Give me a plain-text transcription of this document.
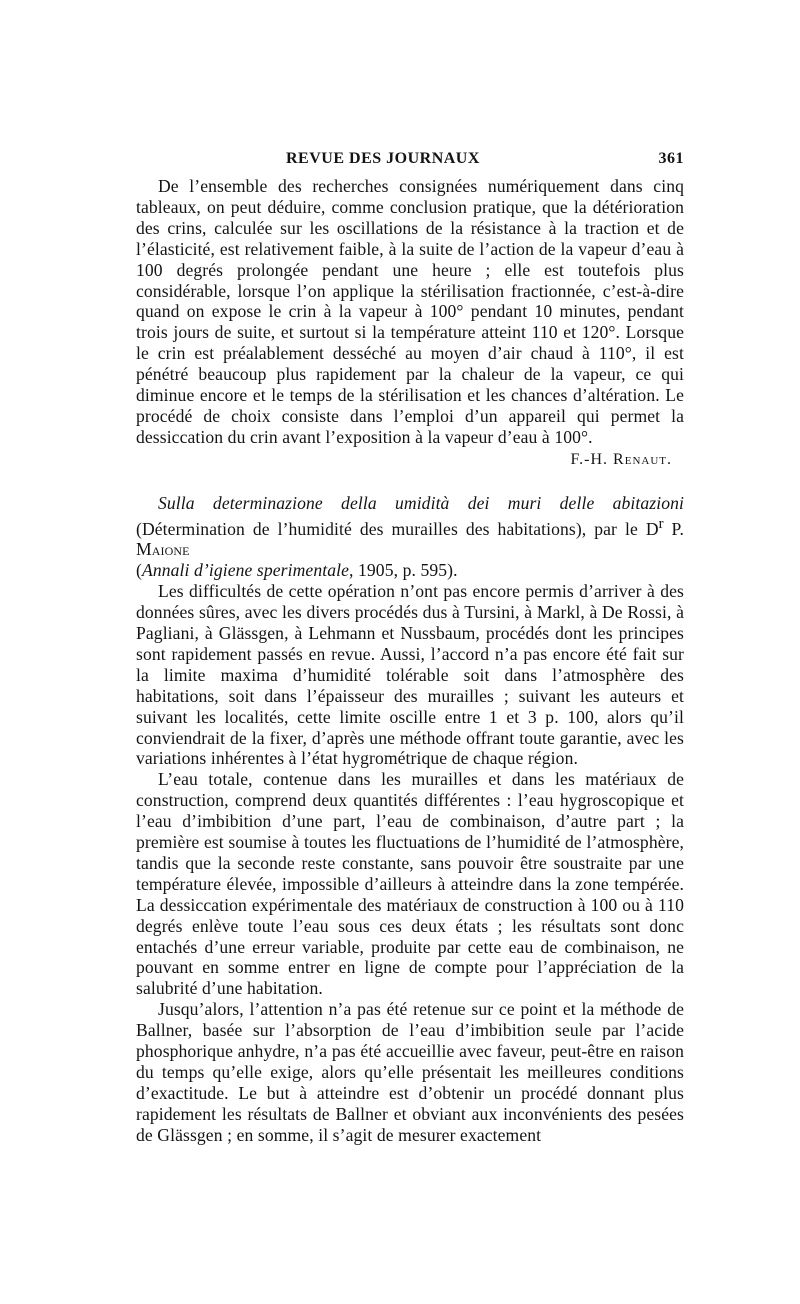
REVUE DES JOURNAUX	361

De l’ensemble des recherches consignées numériquement dans cinq tableaux, on peut déduire, comme conclusion pratique, que la détérioration des crins, calculée sur les oscillations de la résistance à la traction et de l’élasticité, est relativement faible, à la suite de l’action de la vapeur d’eau à 100 degrés prolongée pendant une heure ; elle est toutefois plus considérable, lorsque l’on applique la stérilisation fractionnée, c’est-à-dire quand on expose le crin à la vapeur à 100° pendant 10 minutes, pendant trois jours de suite, et surtout si la température atteint 110 et 120°. Lorsque le crin est préalablement desséché au moyen d’air chaud à 110°, il est pénétré beaucoup plus rapidement par la chaleur de la vapeur, ce qui diminue encore et le temps de la stérilisation et les chances d’altération. Le procédé de choix consiste dans l’emploi d’un appareil qui permet la dessiccation du crin avant l’exposition à la vapeur d’eau à 100°.

F.-H. Renaut.

Sulla determinazione della umidità dei muri delle abitazioni (Détermination de l’humidité des murailles des habitations), par le $D^r$ P. Maione
(Annali d’igiene sperimentale, 1905, p. 595).

Les difficultés de cette opération n’ont pas encore permis d’arriver à des données sûres, avec les divers procédés dus à Tursini, à Markl, à De Rossi, à Pagliani, à Glässgen, à Lehmann et Nussbaum, procédés dont les principes sont rapidement passés en revue. Aussi, l’accord n’a pas encore été fait sur la limite maxima d’humidité tolérable soit dans l’atmosphère des habitations, soit dans l’épaisseur des murailles ; suivant les auteurs et suivant les localités, cette limite oscille entre 1 et 3 p. 100, alors qu’il conviendrait de la fixer, d’après une méthode offrant toute garantie, avec les variations inhérentes à l’état hygrométrique de chaque région.

L’eau totale, contenue dans les murailles et dans les matériaux de construction, comprend deux quantités différentes : l’eau hygroscopique et l’eau d’imbibition d’une part, l’eau de combinaison, d’autre part ; la première est soumise à toutes les fluctuations de l’humidité de l’atmosphère, tandis que la seconde reste constante, sans pouvoir être soustraite par une température élevée, impossible d’ailleurs à atteindre dans la zone tempérée. La dessiccation expérimentale des matériaux de construction à 100 ou à 110 degrés enlève toute l’eau sous ces deux états ; les résultats sont donc entachés d’une erreur variable, produite par cette eau de combinaison, ne pouvant en somme entrer en ligne de compte pour l’appréciation de la salubrité d’une habitation.

Jusqu’alors, l’attention n’a pas été retenue sur ce point et la méthode de Ballner, basée sur l’absorption de l’eau d’imbibition seule par l’acide phosphorique anhydre, n’a pas été accueillie avec faveur, peut-être en raison du temps qu’elle exige, alors qu’elle présentait les meilleures conditions d’exactitude. Le but à atteindre est d’obtenir un procédé donnant plus rapidement les résultats de Ballner et obviant aux inconvénients des pesées de Glässgen ; en somme, il s’agit de mesurer exactement
